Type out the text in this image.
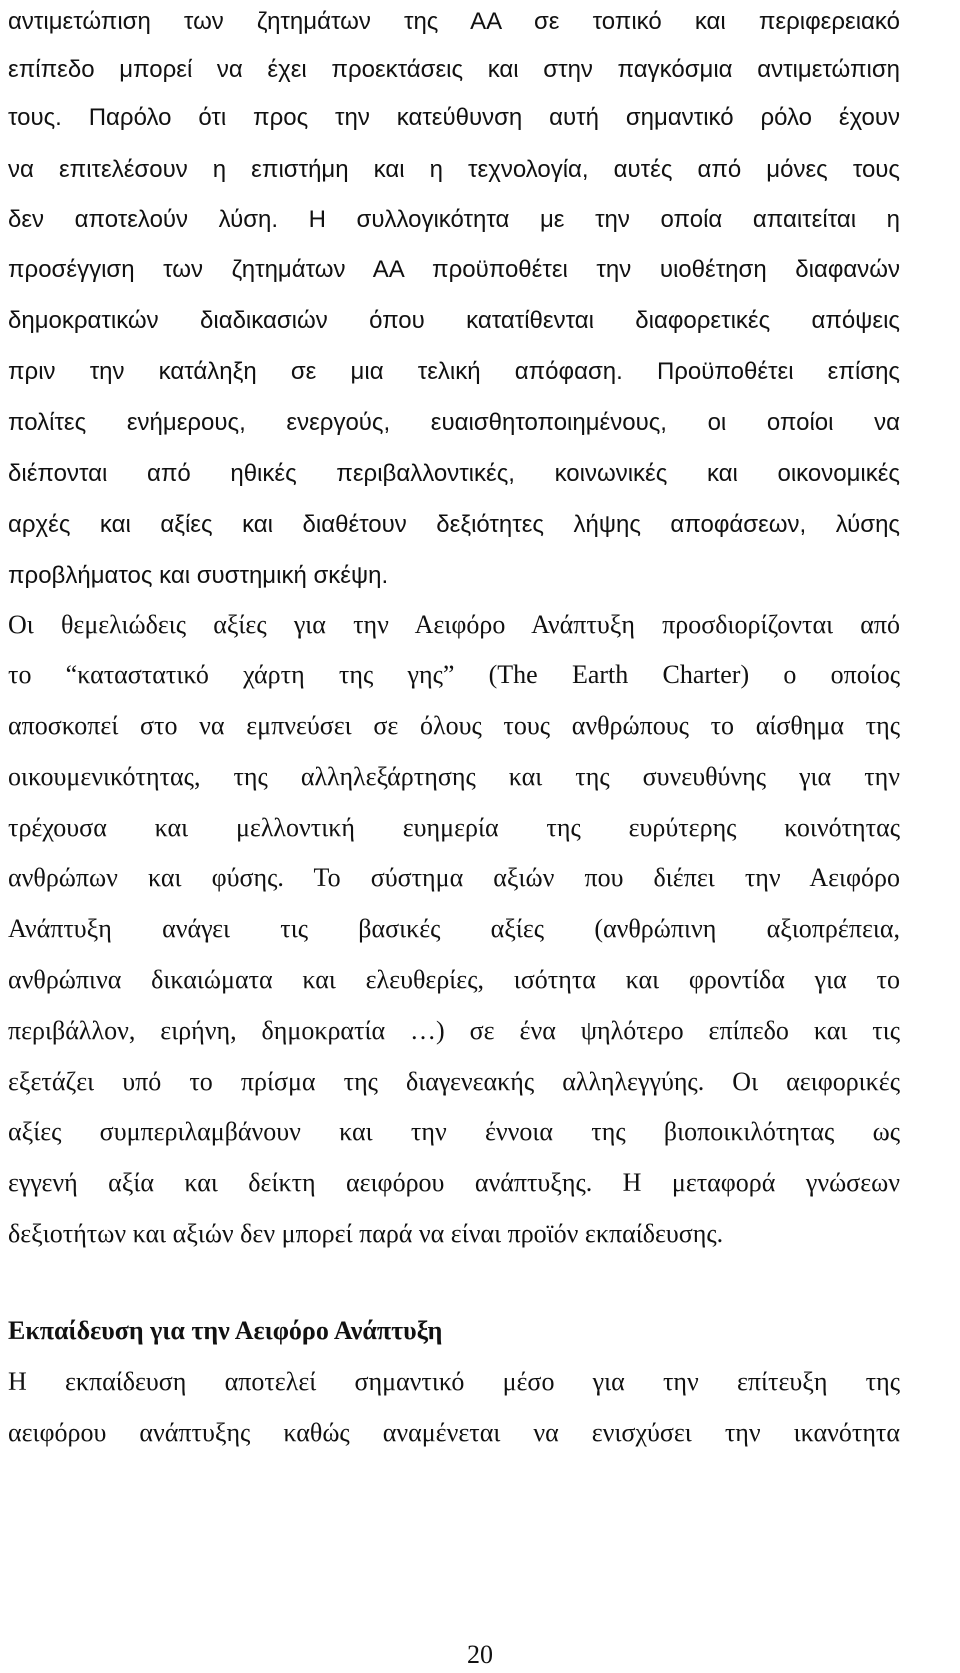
αντιμετώπιση των ζητημάτων της ΑΑ σε τοπικό και περιφερειακό
επίπεδο μπορεί να έχει προεκτάσεις και στην παγκόσμια αντιμετώπιση
τους. Παρόλο ότι προς την κατεύθυνση αυτή σημαντικό ρόλο έχουν
να επιτελέσουν η επιστήμη και η τεχνολογία, αυτές από μόνες τους
δεν αποτελούν λύση. Η συλλογικότητα με την οποία απαιτείται η
προσέγγιση των ζητημάτων ΑΑ προϋποθέτει την υιοθέτηση διαφανών
δημοκρατικών διαδικασιών όπου κατατίθενται διαφορετικές απόψεις
πριν την κατάληξη σε μια τελική απόφαση. Προϋποθέτει επίσης
πολίτες ενήμερους, ενεργούς, ευαισθητοποιημένους, οι οποίοι να
διέπονται από ηθικές περιβαλλοντικές, κοινωνικές και οικονομικές
αρχές και αξίες και διαθέτουν δεξιότητες λήψης αποφάσεων, λύσης
προβλήματος και συστημική σκέψη.
Οι θεμελιώδεις αξίες για την Αειφόρο Ανάπτυξη προσδιορίζονται από
το “καταστατικό χάρτη της γης” (The Earth Charter) ο οποίος
αποσκοπεί στο να εμπνεύσει σε όλους τους ανθρώπους το αίσθημα της
οικουμενικότητας, της αλληλεξάρτησης και της συνευθύνης για την
τρέχουσα και μελλοντική ευημερία της ευρύτερης κοινότητας
ανθρώπων και φύσης. Το σύστημα αξιών που διέπει την Αειφόρο
Ανάπτυξη ανάγει τις βασικές αξίες (ανθρώπινη αξιοπρέπεια,
ανθρώπινα δικαιώματα και ελευθερίες, ισότητα και φροντίδα για το
περιβάλλον, ειρήνη, δημοκρατία …) σε ένα ψηλότερο επίπεδο και τις
εξετάζει υπό το πρίσμα της διαγενεακής αλληλεγγύης. Οι αειφορικές
αξίες συμπεριλαμβάνουν και την έννοια της βιοποικιλότητας ως
εγγενή αξία και δείκτη αειφόρου ανάπτυξης. Η μεταφορά γνώσεων
δεξιοτήτων και αξιών δεν μπορεί παρά να είναι προϊόν εκπαίδευσης.
Εκπαίδευση για την Αειφόρο Ανάπτυξη
Η εκπαίδευση αποτελεί σημαντικό μέσο για την επίτευξη της
αειφόρου ανάπτυξης καθώς αναμένεται να ενισχύσει την ικανότητα
20
